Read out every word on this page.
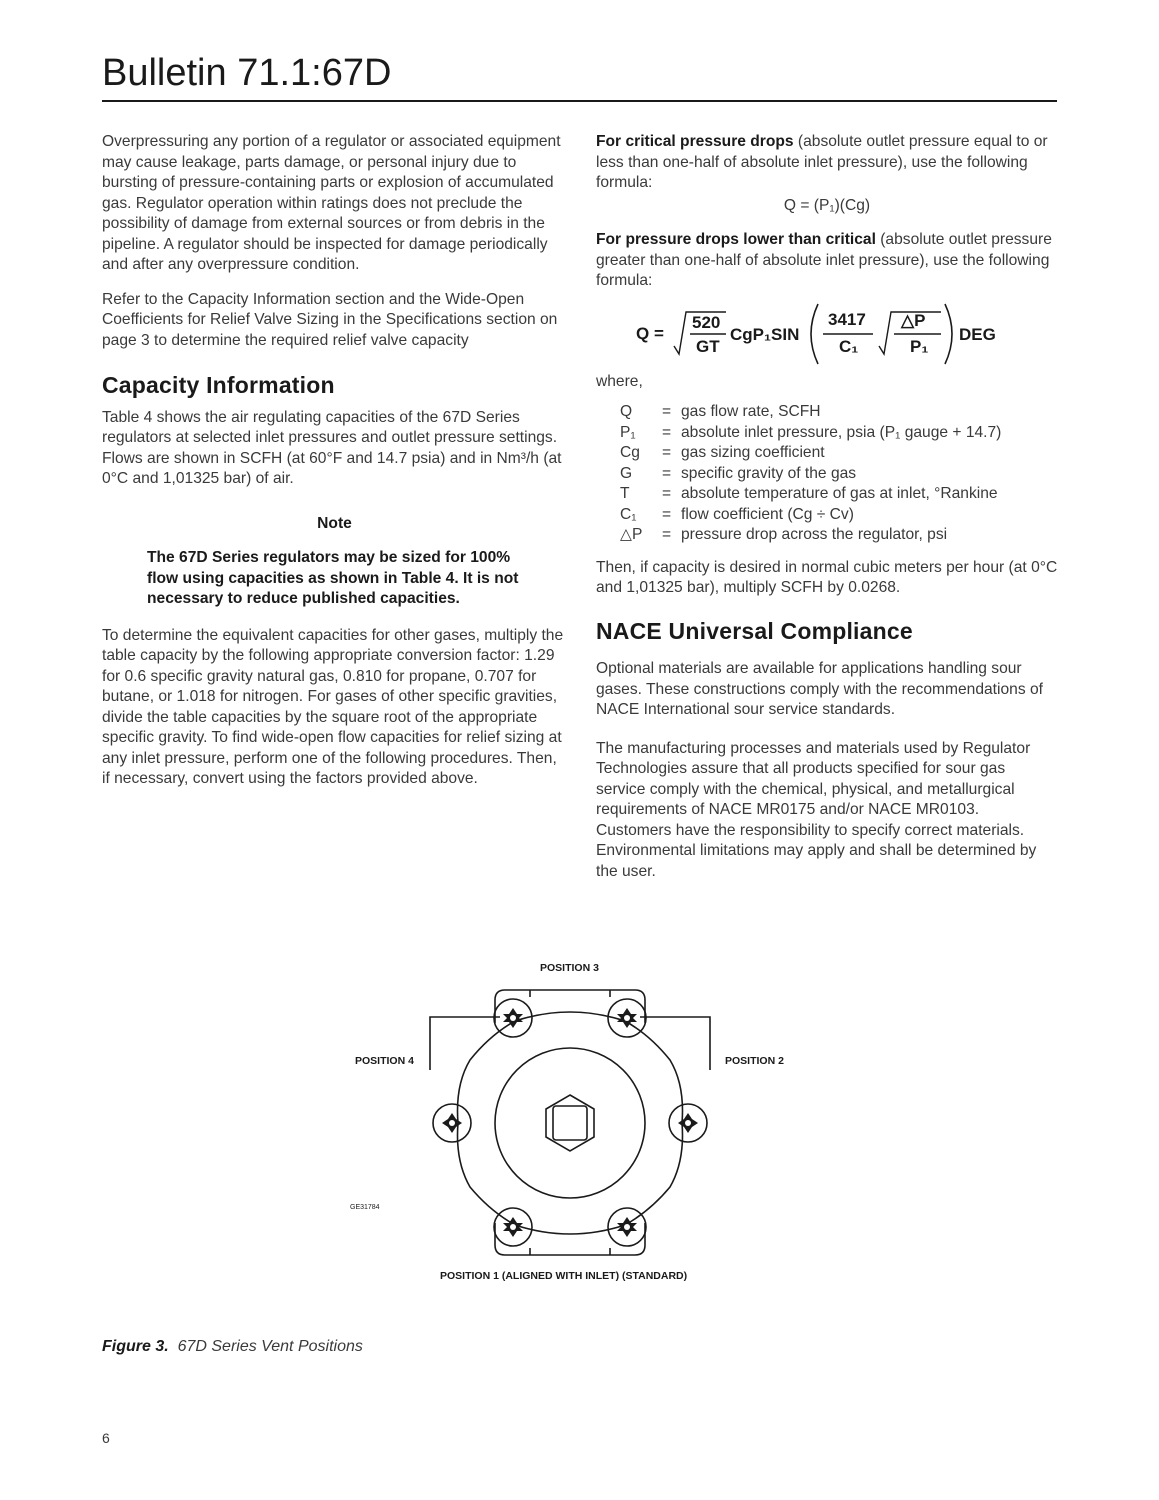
Bulletin 71.1:67D

Overpressuring any portion of a regulator or associated equipment may cause leakage, parts damage, or personal injury due to bursting of pressure-containing parts or explosion of accumulated gas. Regulator operation within ratings does not preclude the possibility of damage from external sources or from debris in the pipeline. A regulator should be inspected for damage periodically and after any overpressure condition.

Refer to the Capacity Information section and the Wide-Open Coefficients for Relief Valve Sizing in the Specifications section on page 3 to determine the required relief valve capacity

Capacity Information

Table 4 shows the air regulating capacities of the 67D Series regulators at selected inlet pressures and outlet pressure settings. Flows are shown in SCFH (at 60°F and 14.7 psia) and in Nm³/h (at 0°C and 1,01325 bar) of air.

Note
The 67D Series regulators may be sized for 100% flow using capacities as shown in Table 4. It is not necessary to reduce published capacities.

To determine the equivalent capacities for other gases, multiply the table capacity by the following appropriate conversion factor: 1.29 for 0.6 specific gravity natural gas, 0.810 for propane, 0.707 for butane, or 1.018 for nitrogen. For gases of other specific gravities, divide the table capacities by the square root of the appropriate specific gravity. To find wide-open flow capacities for relief sizing at any inlet pressure, perform one of the following procedures. Then, if necessary, convert using the factors provided above.

For critical pressure drops (absolute outlet pressure equal to or less than one-half of absolute inlet pressure), use the following formula:

Q = (P₁)(Cg)

For pressure drops lower than critical (absolute outlet pressure greater than one-half of absolute inlet pressure), use the following formula:

Q =
520
GT
CgP₁SIN
3417
C₁
△P
P₁
DEG
where,
Q	=	gas flow rate, SCFH
P₁	=	absolute inlet pressure, psia (P₁ gauge + 14.7)
Cg	=	gas sizing coefficient
G	=	specific gravity of the gas
T	=	absolute temperature of gas at inlet, °Rankine
C₁	=	flow coefficient (Cg ÷ Cv)
△P	=	pressure drop across the regulator, psi

Then, if capacity is desired in normal cubic meters per hour (at 0°C and 1,01325 bar), multiply SCFH by 0.0268.

NACE Universal Compliance

Optional materials are available for applications handling sour gases. These constructions comply with the recommendations of NACE International sour service standards.

The manufacturing processes and materials used by Regulator Technologies assure that all products specified for sour gas service comply with the chemical, physical, and metallurgical requirements of NACE MR0175 and/or NACE MR0103. Customers have the responsibility to specify correct materials. Environmental limitations may apply and shall be determined by the user.

POSITION 3
POSITION 4	POSITION 2
POSITION 1 (ALIGNED WITH INLET) (STANDARD)
GE31784
Figure 3. 67D Series Vent Positions
6
